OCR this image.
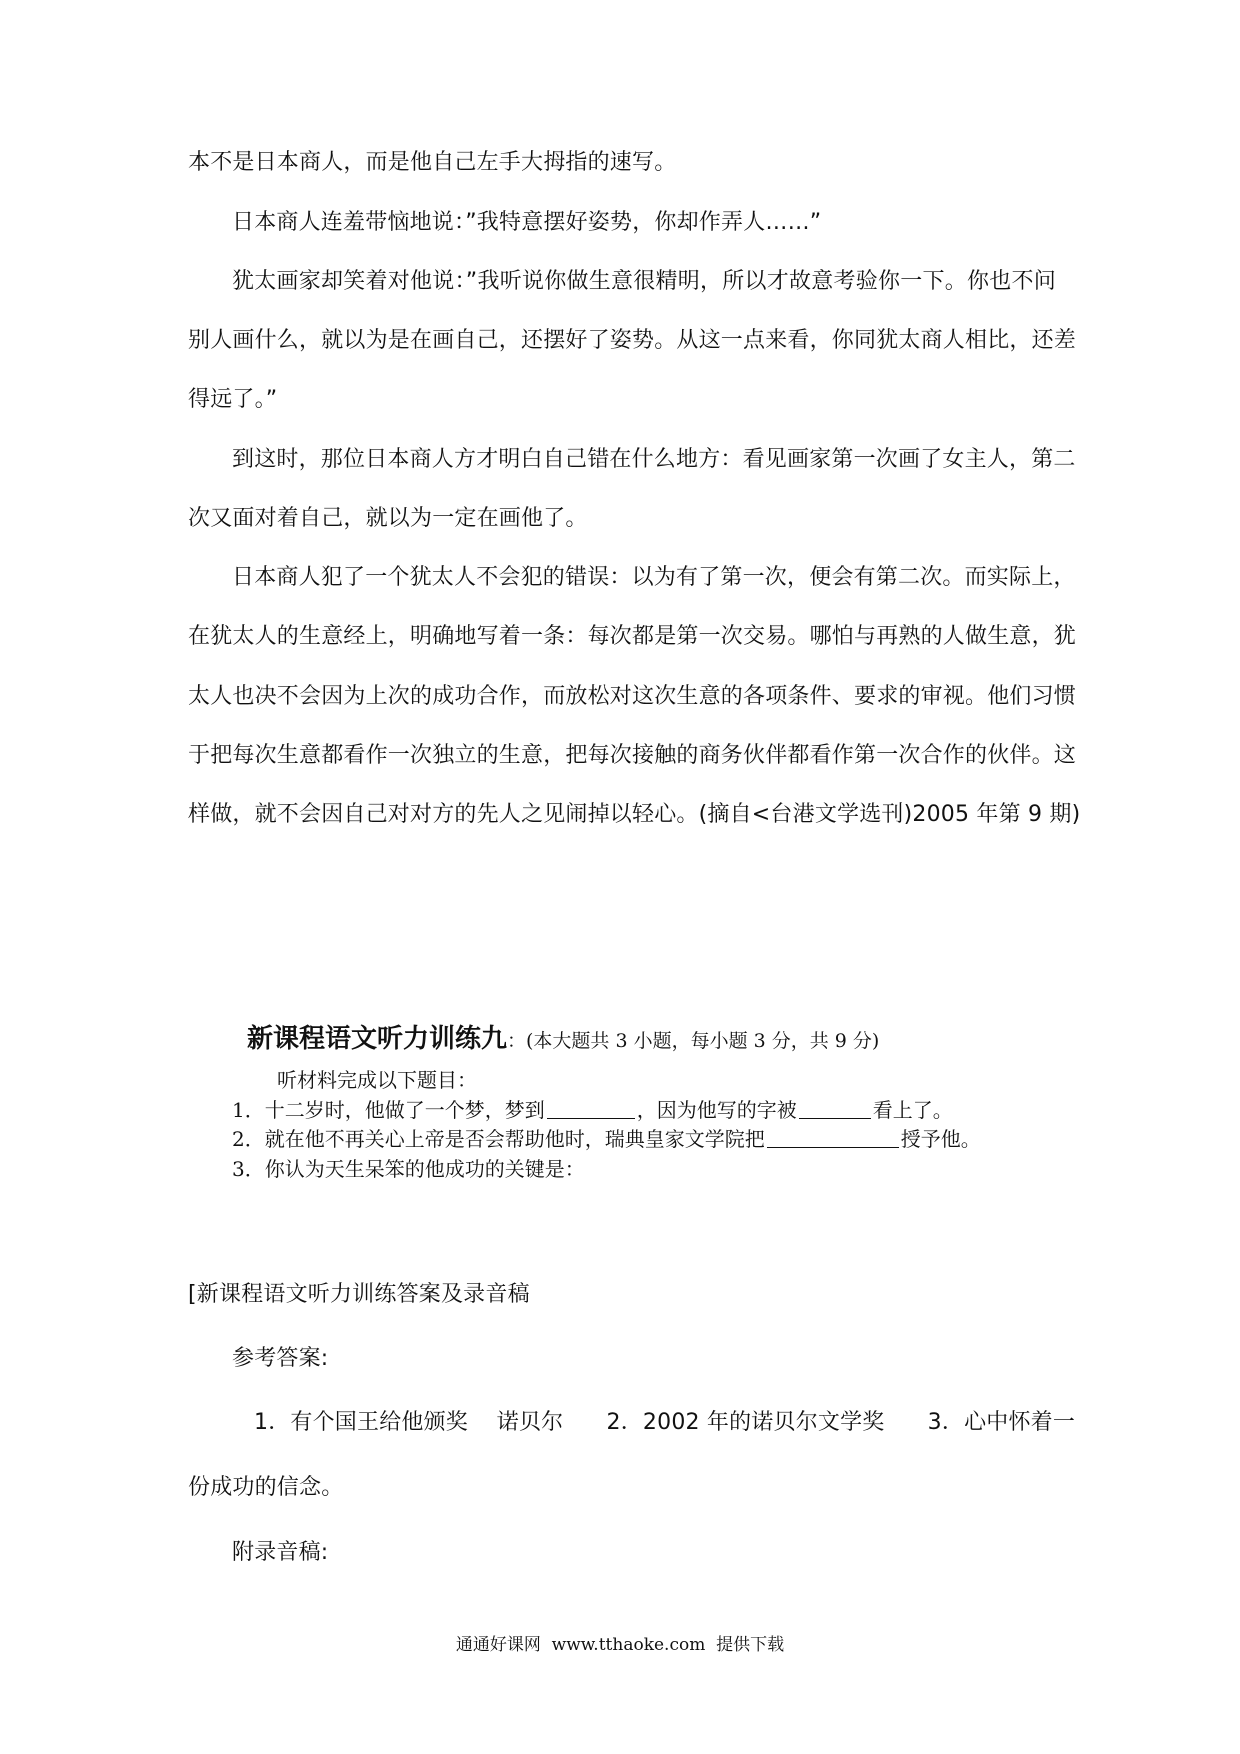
本不是日本商人，而是他自己左手大拇指的速写。
日本商人连羞带恼地说：”我特意摆好姿势，你却作弄人……”
犹太画家却笑着对他说：”我听说你做生意很精明，所以才故意考验你一下。你也不问
别人画什么，就以为是在画自己，还摆好了姿势。从这一点来看，你同犹太商人相比，还差
得远了。”
到这时，那位日本商人方才明白自己错在什么地方：看见画家第一次画了女主人，第二
次又面对着自己，就以为一定在画他了。
日本商人犯了一个犹太人不会犯的错误：以为有了第一次，便会有第二次。而实际上，
在犹太人的生意经上，明确地写着一条：每次都是第一次交易。哪怕与再熟的人做生意，犹
太人也决不会因为上次的成功合作，而放松对这次生意的各项条件、要求的审视。他们习惯
于把每次生意都看作一次独立的生意，把每次接触的商务伙伴都看作第一次合作的伙伴。这
样做，就不会因自己对对方的先人之见闹掉以轻心。(摘自<台港文学选刊)2005 年第 9 期)
新课程语文听力训练九：(本大题共 3 小题，每小题 3 分，共 9 分)
听材料完成以下题目：
1．十二岁时，他做了一个梦，梦到	，因为他写的字被	看上了。
2．就在他不再关心上帝是否会帮助他时，瑞典皇家文学院把	授予他。
3．你认为天生呆笨的他成功的关键是：
[新课程语文听力训练答案及录音稿
参考答案:
1．有个国王给他颁奖    诺贝尔      2．2002 年的诺贝尔文学奖      3．心中怀着一
份成功的信念。
附录音稿:
通通好课网  www.tthaoke.com  提供下载
